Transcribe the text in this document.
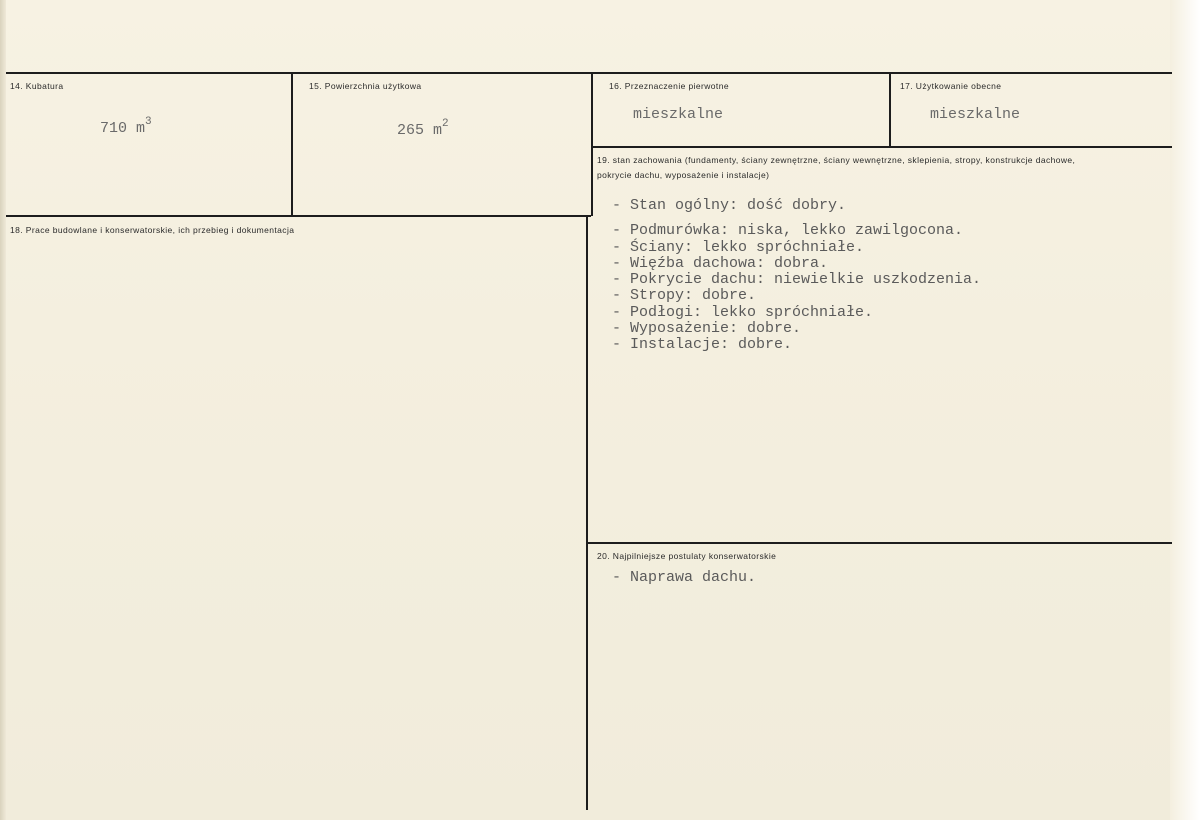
14. Kubatura
710 $m^3$
15. Powierzchnia użytkowa
265 $m^2$
16. Przeznaczenie pierwotne
mieszkalne
17. Użytkowanie obecne
mieszkalne
18. Prace budowlane i konserwatorskie, ich przebieg i dokumentacja
19. stan zachowania (fundamenty, ściany zewnętrzne, ściany wewnętrzne, sklepienia, stropy, konstrukcje dachowe, pokrycie dachu, wyposażenie i instalacje)
- Stan ogólny: dość dobry.
- Podmurówka: niska, lekko zawilgocona.
- Ściany: lekko spróchniałe.
- Więźba dachowa: dobra.
- Pokrycie dachu: niewielkie uszkodzenia.
- Stropy: dobre.
- Podłogi: lekko spróchniałe.
- Wyposażenie: dobre.
- Instalacje: dobre.
20. Najpilniejsze postulaty konserwatorskie
- Naprawa dachu.
